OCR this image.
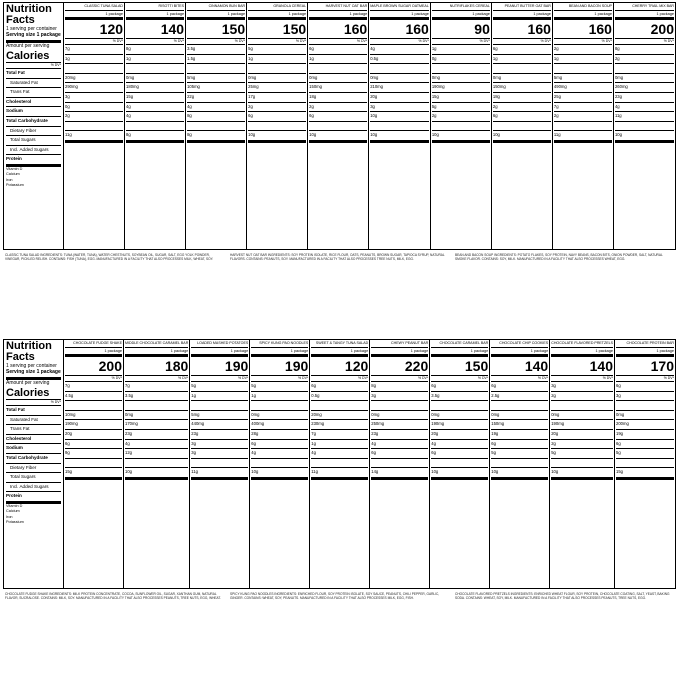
Nutrition Facts
1 serving per container
Serving size 1 package
Amount per serving
Calories
% DV*
Total Fat
Saturated Fat
Trans Fat
Cholesterol
Sodium
Total Carbohydrate
Dietary Fiber
Total Sugars
Incl. Added Sugars
Protein
Vitamin D
Calcium
Iron
Potassium
CLASSIC TUNA SALAD
1 package
120
% DV*
7g
1g
20mg
290mg
3g
0g
2g
11g
RISOTTI BITES
1 package
140
% DV*
8g
1g
0mg
180mg
15g
4g
4g
8g
CINNAMON BUN BAR
1 package
150
% DV*
3.5g
1.5g
5mg
105mg
22g
4g
8g
8g
GRANOLA CEREAL
1 package
150
% DV*
5g
1g
0mg
25mg
17g
2g
6g
10g
HARVEST NUT OAT BAR
1 package
160
% DV*
6g
1g
0mg
150mg
18g
2g
6g
10g
MAPLE BROWN SUGAR OATMEAL
1 package
160
% DV*
4g
0.5g
0mg
210mg
20g
3g
10g
10g
NUTRIFLAKES CEREAL
1 package
90
% DV*
1g
0g
0mg
190mg
15g
5g
2g
10g
PEANUT BUTTER OAT BAR
1 package
160
% DV*
6g
1g
0mg
150mg
18g
2g
6g
10g
BEAN AND BACON SOUP
1 package
160
% DV*
2g
1g
5mg
490mg
25g
7g
2g
11g
CHERRY TRAIL MIX BAR
1 package
200
% DV*
8g
2g
0mg
260mg
23g
4g
11g
10g
CLASSIC TUNA SALAD INGREDIENTS: TUNA (WATER, TUNA), WATER CHESTNUTS, SOYBEAN OIL, SUGAR, SALT, EGG YOLK POWDER, VINEGAR, PICKLED RELISH. CONTAINS: FISH (TUNA), EGG. MANUFACTURED IN A FACILITY THAT ALSO PROCESSES MILK, WHEAT, SOY.
HARVEST NUT OAT BAR INGREDIENTS: SOY PROTEIN ISOLATE, RICE FLOUR, OATS, PEANUTS, BROWN SUGAR, TAPIOCA SYRUP, NATURAL FLAVORS. CONTAINS: PEANUTS, SOY. MANUFACTURED IN A FACILITY THAT ALSO PROCESSES TREE NUTS, MILK, EGG.
BEAN AND BACON SOUP INGREDIENTS: POTATO FLAKES, SOY PROTEIN, NAVY BEANS, BACON BITS, ONION POWDER, SALT, NATURAL SMOKE FLAVOR. CONTAINS: SOY, MILK. MANUFACTURED IN A FACILITY THAT ALSO PROCESSES WHEAT, EGG.
Nutrition Facts
1 serving per container
Serving size 1 package
Amount per serving
Calories
% DV*
Total Fat
Saturated Fat
Trans Fat
Cholesterol
Sodium
Total Carbohydrate
Dietary Fiber
Total Sugars
Incl. Added Sugars
Protein
Vitamin D
Calcium
Iron
Potassium
CHOCOLATE FUDGE SHAKE
1 package
200
% DV*
7g
4.5g
10mg
190mg
20g
6g
9g
15g
MIDDLE CHOCOLATE CARAMEL BAR
1 package
180
% DV*
7g
3.5g
0mg
170mg
23g
4g
12g
10g
LOADED MASHED POTATOES
1 package
190
% DV*
5g
1g
5mg
440mg
23g
3g
3g
11g
SPICY KUNG PAO NOODLES
1 package
190
% DV*
5g
1g
0mg
400mg
28g
6g
4g
10g
SWEET & TANGY TUNA SALAD
1 package
120
% DV*
6g
0.5g
20mg
230mg
7g
1g
4g
11g
CHEWY PEANUT BAR
1 package
220
% DV*
8g
3g
0mg
250mg
23g
4g
6g
14g
CHOCOLATE CARAMEL BAR
1 package
150
% DV*
6g
3.5g
0mg
190mg
20g
4g
6g
10g
CHOCOLATE CHIP COOKIES
1 package
140
% DV*
6g
2.5g
0mg
150mg
19g
6g
5g
10g
CHOCOLATE FLAVORED PRETZELS
1 package
140
% DV*
3g
2g
0mg
190mg
20g
2g
5g
10g
CHOCOLATE PROTEIN BAR
1 package
170
% DV*
6g
3g
0mg
200mg
19g
6g
5g
15g
CHOCOLATE FUDGE SHAKE INGREDIENTS: MILK PROTEIN CONCENTRATE, COCOA, SUNFLOWER OIL, SUGAR, XANTHAN GUM, NATURAL FLAVOR, SUCRALOSE. CONTAINS: MILK, SOY. MANUFACTURED IN A FACILITY THAT ALSO PROCESSES PEANUTS, TREE NUTS, EGG, WHEAT.
SPICY KUNG PAO NOODLES INGREDIENTS: ENRICHED FLOUR, SOY PROTEIN ISOLATE, SOY SAUCE, PEANUTS, CHILI PEPPER, GARLIC, GINGER. CONTAINS: WHEAT, SOY, PEANUTS. MANUFACTURED IN A FACILITY THAT ALSO PROCESSES MILK, EGG, FISH.
CHOCOLATE FLAVORED PRETZELS INGREDIENTS: ENRICHED WHEAT FLOUR, SOY PROTEIN, CHOCOLATE COATING, SALT, YEAST, BAKING SODA. CONTAINS: WHEAT, SOY, MILK. MANUFACTURED IN A FACILITY THAT ALSO PROCESSES PEANUTS, TREE NUTS, EGG.
